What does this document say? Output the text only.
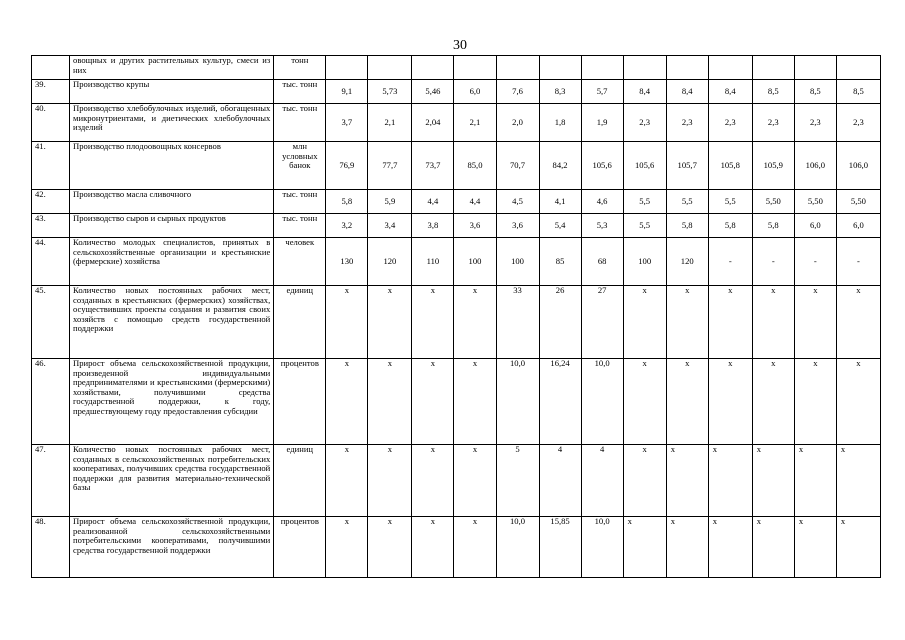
30
	овощных и других растительных культур, смеси из них	тонн													
39.	Производство крупы	тыс. тонн	9,1	5,73	5,46	6,0	7,6	8,3	5,7	8,4	8,4	8,4	8,5	8,5	8,5
40.	Производство хлебобулочных изделий, обогащенных микронутриентами, и диетических хлебобулочных изделий	тыс. тонн	3,7	2,1	2,04	2,1	2,0	1,8	1,9	2,3	2,3	2,3	2,3	2,3	2,3
41.	Производство плодоовощных консервов	млн условных банок	76,9	77,7	73,7	85,0	70,7	84,2	105,6	105,6	105,7	105,8	105,9	106,0	106,0
42.	Производство масла сливочного	тыс. тонн	5,8	5,9	4,4	4,4	4,5	4,1	4,6	5,5	5,5	5,5	5,50	5,50	5,50
43.	Производство сыров и сырных продуктов	тыс. тонн	3,2	3,4	3,8	3,6	3,6	5,4	5,3	5,5	5,8	5,8	5,8	6,0	6,0
44.	Количество молодых специалистов, принятых в сельскохозяйственные организации и крестьянские (фермерские) хозяйства	человек	130	120	110	100	100	85	68	100	120	-	-	-	-
45.	Количество новых постоянных рабочих мест, созданных в крестьянских (фермерских) хозяйствах, осуществивших проекты создания и развития своих хозяйств с помощью средств государственной поддержки	единиц	х	х	х	х	33	26	27	х	х	х	х	х	х
46.	Прирост объема сельскохозяйственной продукции, произведенной индивидуальными предпринимателями и крестьянскими (фермерскими) хозяйствами, получившими средства государственной поддержки, к году, предшествующему году предоставления субсидии	процентов	х	х	х	х	10,0	16,24	10,0	х	х	х	х	х	х
47.	Количество новых постоянных рабочих мест, созданных в сельскохозяйственных потребительских кооперативах, получивших средства государственной поддержки для развития материально-технической базы	единиц	х	х	х	х	5	4	4	х	х	х	х	х	х
48.	Прирост объема сельскохозяйственной продукции, реализованной сельскохозяйственными потребительскими кооперативами, получившими средства государственной поддержки	процентов	х	х	х	х	10,0	15,85	10,0	х	х	х	х	х	х
